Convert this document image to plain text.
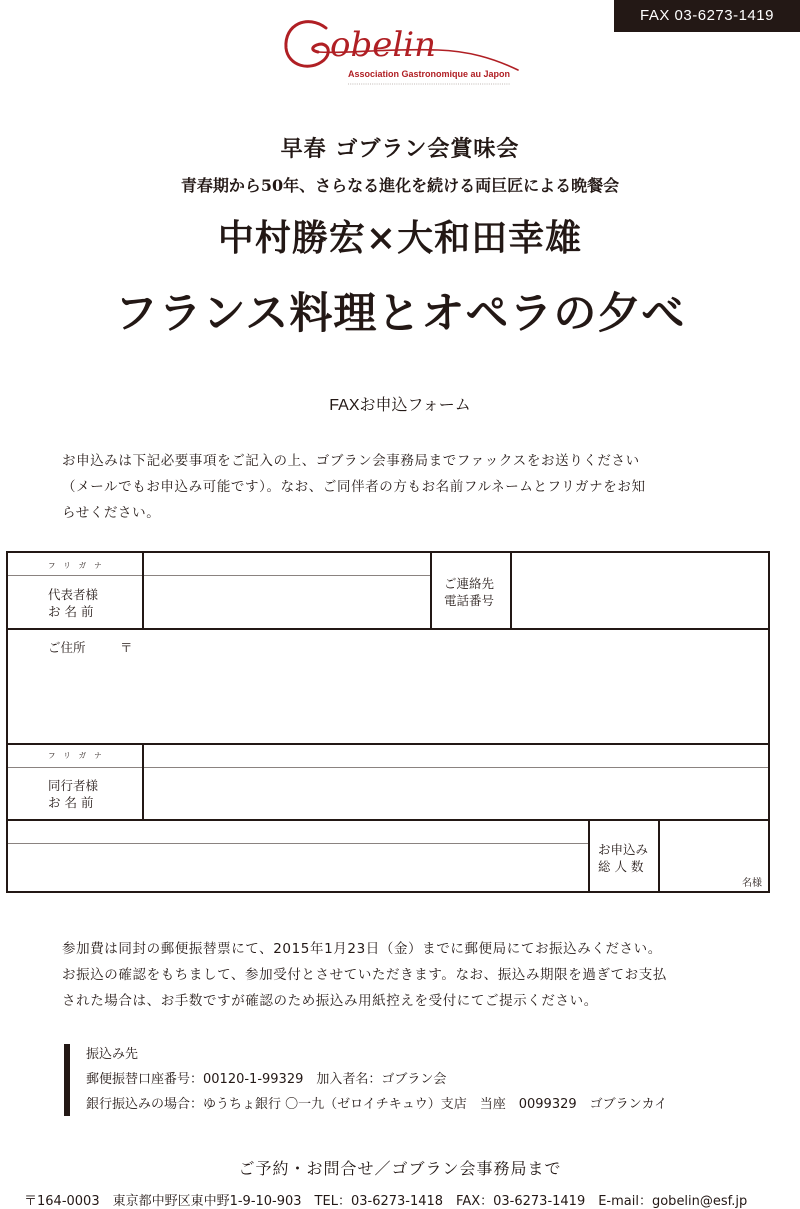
FAX 03-6273-1419
obelin
Association Gastronomique au Japon
早春 ゴブラン会賞味会
青春期から50年、さらなる進化を続ける両巨匠による晩餐会
中村勝宏×大和田幸雄
フランス料理とオペラの夕べ
FAXお申込フォーム
お申込みは下記必要事項をご記入の上、ゴブラン会事務局までファックスをお送りください
（メールでもお申込み可能です）。なお、ご同伴者の方もお名前フルネームとフリガナをお知
らせください。
フリガナ
代表者様
お 名 前
ご連絡先
電話番号
ご住所	〒
フリガナ
同行者様
お 名 前
お申込み
総 人 数
名様
参加費は同封の郵便振替票にて、2015年1月23日（金）までに郵便局にてお振込みください。
お振込の確認をもちまして、参加受付とさせていただきます。なお、振込み期限を過ぎてお支払
された場合は、お手数ですが確認のため振込み用紙控えを受付にてご提示ください。
振込み先
郵便振替口座番号：00120-1-99329　加入者名：ゴブラン会
銀行振込みの場合：ゆうちょ銀行 〇一九（ゼロイチキュウ）支店　当座　0099329　ゴブランカイ
ご予約・お問合せ／ゴブラン会事務局まで
〒164-0003　東京都中野区東中野1-9-10-903　TEL：03-6273-1418　FAX：03-6273-1419　E-mail：gobelin@esf.jp
